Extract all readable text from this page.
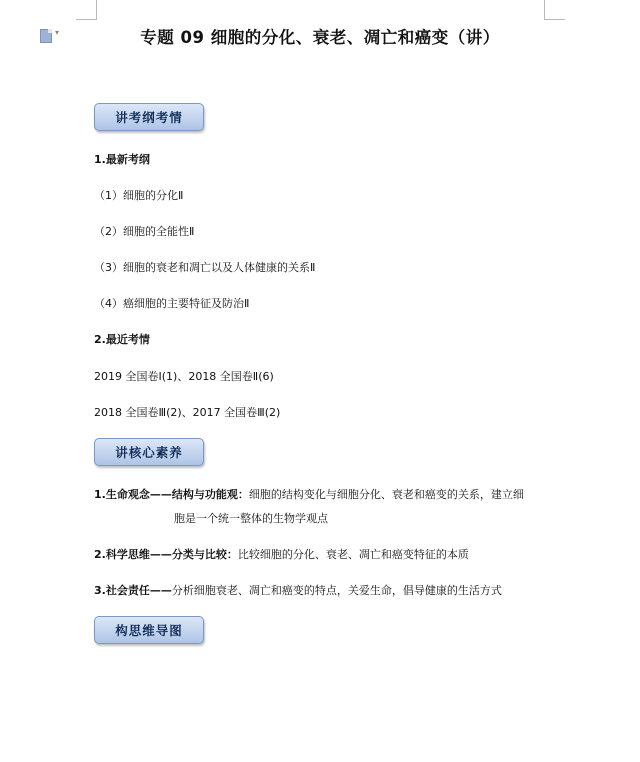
▾	专题 09 细胞的分化、衰老、凋亡和癌变（讲）
讲考纲考情
1.最新考纲
（1）细胞的分化Ⅱ
（2）细胞的全能性Ⅱ
（3）细胞的衰老和凋亡以及人体健康的关系Ⅱ
（4）癌细胞的主要特征及防治Ⅱ
2.最近考情
2019 全国卷Ⅰ(1)、2018 全国卷Ⅱ(6)
2018 全国卷Ⅲ(2)、2017 全国卷Ⅲ(2)
讲核心素养
1.生命观念——结构与功能观：细胞的结构变化与细胞分化、衰老和癌变的关系，建立细
胞是一个统一整体的生物学观点
2.科学思维——分类与比较：比较细胞的分化、衰老、凋亡和癌变特征的本质
3.社会责任——分析细胞衰老、凋亡和癌变的特点，关爱生命，倡导健康的生活方式
构思维导图
